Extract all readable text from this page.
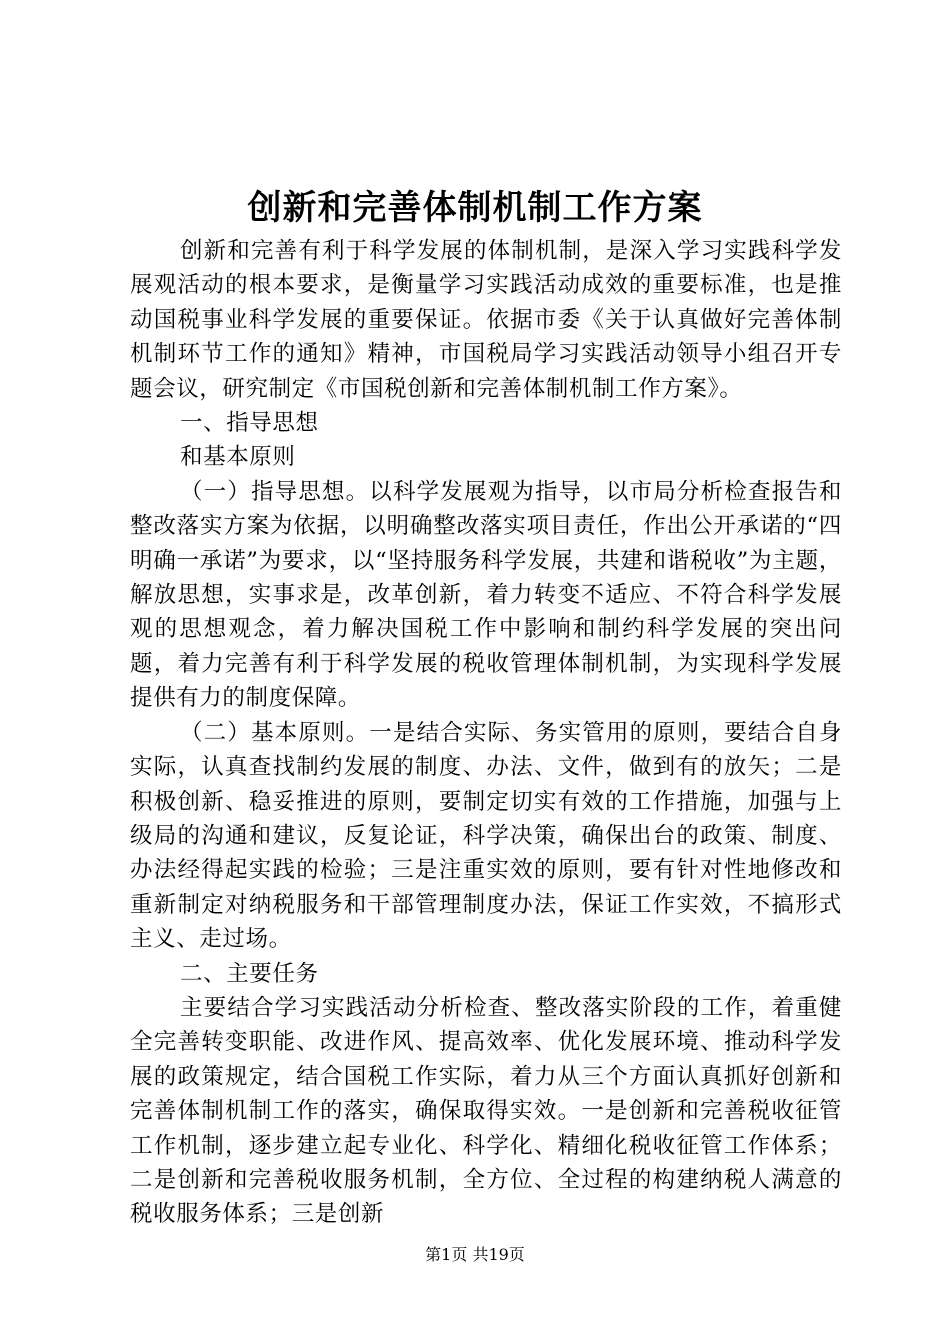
创新和完善体制机制工作方案

创新和完善有利于科学发展的体制机制，是深入学习实践科学发展观活动的根本要求，是衡量学习实践活动成效的重要标准，也是推动国税事业科学发展的重要保证。依据市委《关于认真做好完善体制机制环节工作的通知》精神，市国税局学习实践活动领导小组召开专题会议，研究制定《市国税创新和完善体制机制工作方案》。

一、指导思想

和基本原则

（一）指导思想。以科学发展观为指导，以市局分析检查报告和整改落实方案为依据，以明确整改落实项目责任，作出公开承诺的“四明确一承诺”为要求，以“坚持服务科学发展，共建和谐税收”为主题，解放思想，实事求是，改革创新，着力转变不适应、不符合科学发展观的思想观念，着力解决国税工作中影响和制约科学发展的突出问题，着力完善有利于科学发展的税收管理体制机制，为实现科学发展提供有力的制度保障。

（二）基本原则。一是结合实际、务实管用的原则，要结合自身实际，认真查找制约发展的制度、办法、文件，做到有的放矢；二是积极创新、稳妥推进的原则，要制定切实有效的工作措施，加强与上级局的沟通和建议，反复论证，科学决策，确保出台的政策、制度、办法经得起实践的检验；三是注重实效的原则，要有针对性地修改和重新制定对纳税服务和干部管理制度办法，保证工作实效，不搞形式主义、走过场。

二、主要任务

主要结合学习实践活动分析检查、整改落实阶段的工作，着重健全完善转变职能、改进作风、提高效率、优化发展环境、推动科学发展的政策规定，结合国税工作实际，着力从三个方面认真抓好创新和完善体制机制工作的落实，确保取得实效。一是创新和完善税收征管工作机制，逐步建立起专业化、科学化、精细化税收征管工作体系；二是创新和完善税收服务机制，全方位、全过程的构建纳税人满意的税收服务体系；三是创新

第1页 共19页
